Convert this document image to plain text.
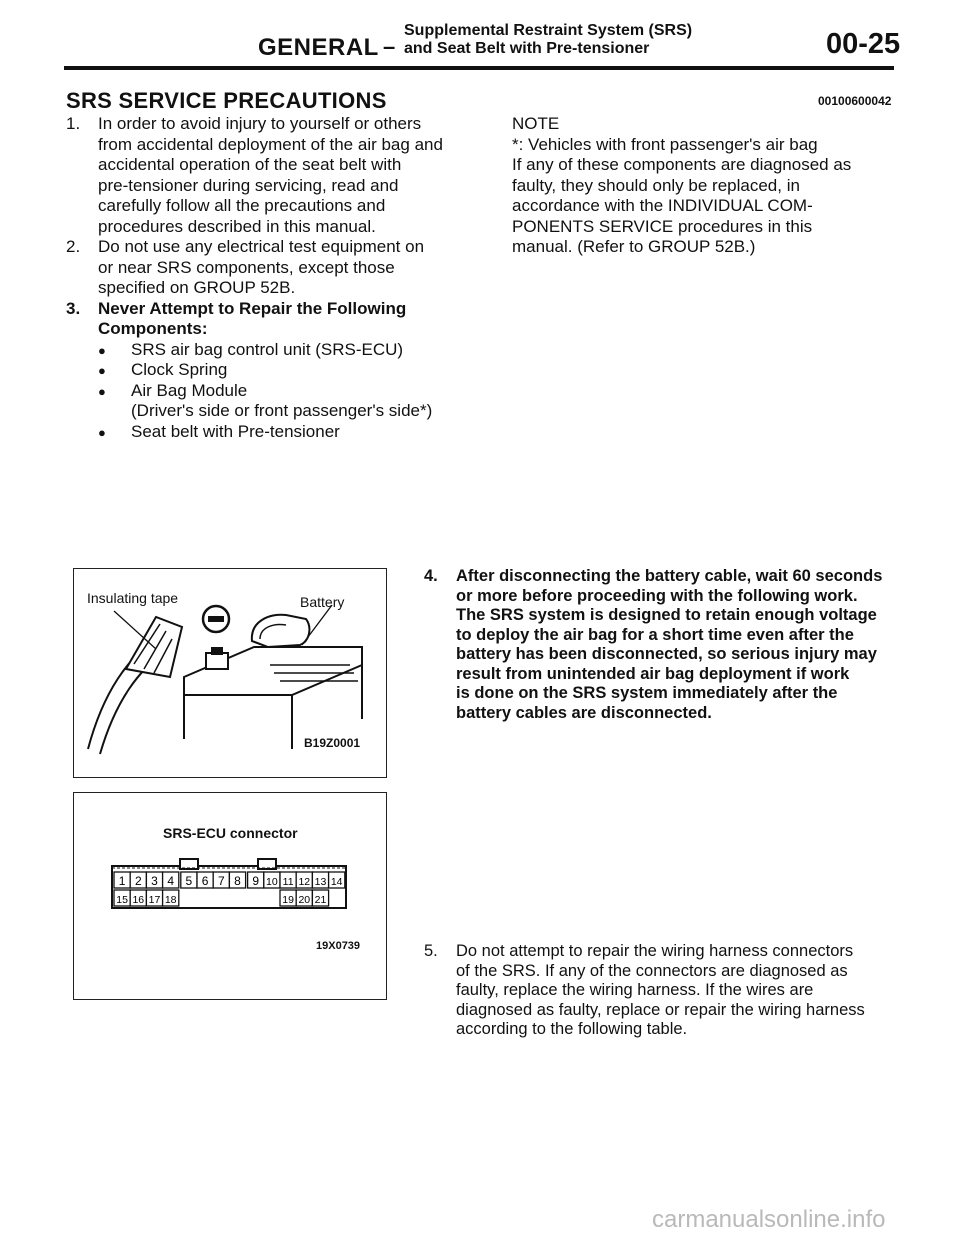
GENERAL –
Supplemental Restraint System (SRS)
and Seat Belt with Pre-tensioner	00-25
SRS SERVICE PRECAUTIONS	00100600042
1. In order to avoid injury to yourself or others
from accidental deployment of the air bag and
accidental operation of the seat belt with
pre-tensioner during servicing, read and
carefully follow all the precautions and
procedures described in this manual.
2. Do not use any electrical test equipment on
or near SRS components, except those
specified on GROUP 52B.
3. Never Attempt to Repair the Following
Components:
● SRS air bag control unit (SRS-ECU)
● Clock Spring
● Air Bag Module
(Driver's side or front passenger's side*)
● Seat belt with Pre-tensioner
NOTE
*: Vehicles with front passenger's air bag
If any of these components are diagnosed as
faulty, they should only be replaced, in
accordance with the INDIVIDUAL COM-
PONENTS SERVICE procedures in this
manual. (Refer to GROUP 52B.)
Insulating tape	Battery
B19Z0001
SRS-ECU connector
1 2 3 4 5 6 7 8 9 10 11 12 13 14
15 16 17 18	19 20 21
19X0739
4. After disconnecting the battery cable, wait 60 seconds
or more before proceeding with the following work.
The SRS system is designed to retain enough voltage
to deploy the air bag for a short time even after the
battery has been disconnected, so serious injury may
result from unintended air bag deployment if work
is done on the SRS system immediately after the
battery cables are disconnected.
5. Do not attempt to repair the wiring harness connectors
of the SRS. If any of the connectors are diagnosed as
faulty, replace the wiring harness. If the wires are
diagnosed as faulty, replace or repair the wiring harness
according to the following table.
carmanualsonline.info
